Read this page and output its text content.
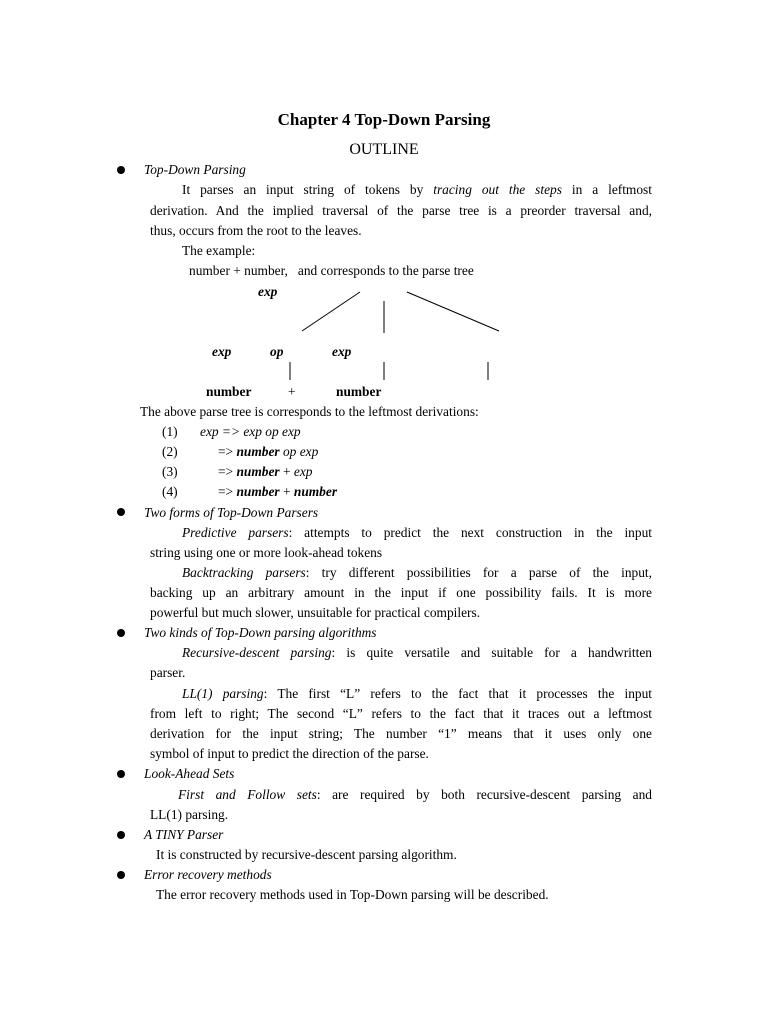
Chapter 4 Top-Down Parsing
OUTLINE
Top-Down Parsing
It parses an input string of tokens by tracing out the steps in a leftmost
derivation. And the implied traversal of the parse tree is a preorder traversal and,
thus, occurs from the root to the leaves.
The example:
number + number,   and corresponds to the parse tree
exp
exp	op	exp
number	+	number
The above parse tree is corresponds to the leftmost derivations:
(1) exp => exp op exp
(2)	=> number op exp
(3)	=> number + exp
(4)	=> number + number
Two forms of Top-Down Parsers
Predictive parsers: attempts to predict the next construction in the input
string using one or more look-ahead tokens
Backtracking parsers: try different possibilities for a parse of the input,
backing up an arbitrary amount in the input if one possibility fails. It is more
powerful but much slower, unsuitable for practical compilers.
Two kinds of Top-Down parsing algorithms
Recursive-descent parsing: is quite versatile and suitable for a handwritten
parser.
LL(1) parsing: The first “L” refers to the fact that it processes the input
from left to right; The second “L” refers to the fact that it traces out a leftmost
derivation for the input string; The number “1” means that it uses only one
symbol of input to predict the direction of the parse.
Look-Ahead Sets
First and Follow sets: are required by both recursive-descent parsing and
LL(1) parsing.
A TINY Parser
It is constructed by recursive-descent parsing algorithm.
Error recovery methods
The error recovery methods used in Top-Down parsing will be described.
